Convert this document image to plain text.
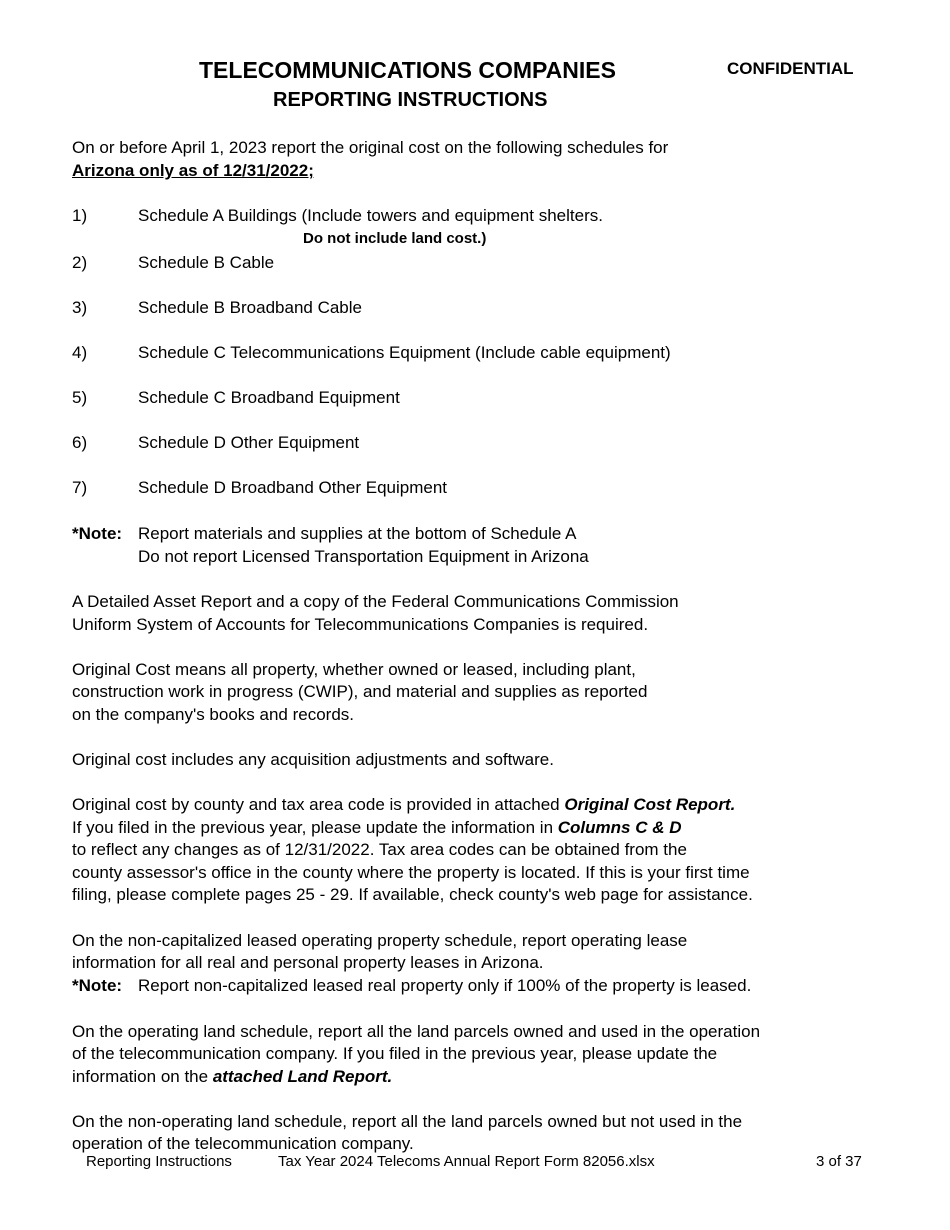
TELECOMMUNICATIONS COMPANIES
REPORTING INSTRUCTIONS
CONFIDENTIAL
On or before April 1, 2023 report the original cost on the following schedules for
Arizona only as of 12/31/2022;
1)	Schedule A Buildings (Include towers and equipment shelters.
Do not include land cost.)
2)	Schedule B Cable
3)	Schedule B Broadband Cable
4)	Schedule C Telecommunications Equipment (Include cable equipment)
5)	Schedule C Broadband Equipment
6)	Schedule D Other Equipment
7)	Schedule D Broadband Other Equipment
*Note: Report materials and supplies at the bottom of Schedule A
Do not report Licensed Transportation Equipment in Arizona
A Detailed Asset Report and a copy of the Federal Communications Commission
Uniform System of Accounts for Telecommunications Companies is required.
Original Cost means all property, whether owned or leased, including plant,
construction work in progress (CWIP), and material and supplies as reported
on the company's books and records.
Original cost includes any acquisition adjustments and software.
Original cost by county and tax area code is provided in attached Original Cost Report.
If you filed in the previous year, please update the information in Columns C & D
to reflect any changes as of 12/31/2022. Tax area codes can be obtained from the
county assessor's office in the county where the property is located. If this is your first time
filing, please complete pages 25 - 29. If available, check county's web page for assistance.
On the non-capitalized leased operating property schedule, report operating lease
information for all real and personal property leases in Arizona.
*Note: Report non-capitalized leased real property only if 100% of the property is leased.
On the operating land schedule, report all the land parcels owned and used in the operation
of the telecommunication company. If you filed in the previous year, please update the
information on the attached Land Report.
On the non-operating land schedule, report all the land parcels owned but not used in the
operation of the telecommunication company.
Reporting Instructions	Tax Year 2024 Telecoms Annual Report Form 82056.xlsx	3 of 37
